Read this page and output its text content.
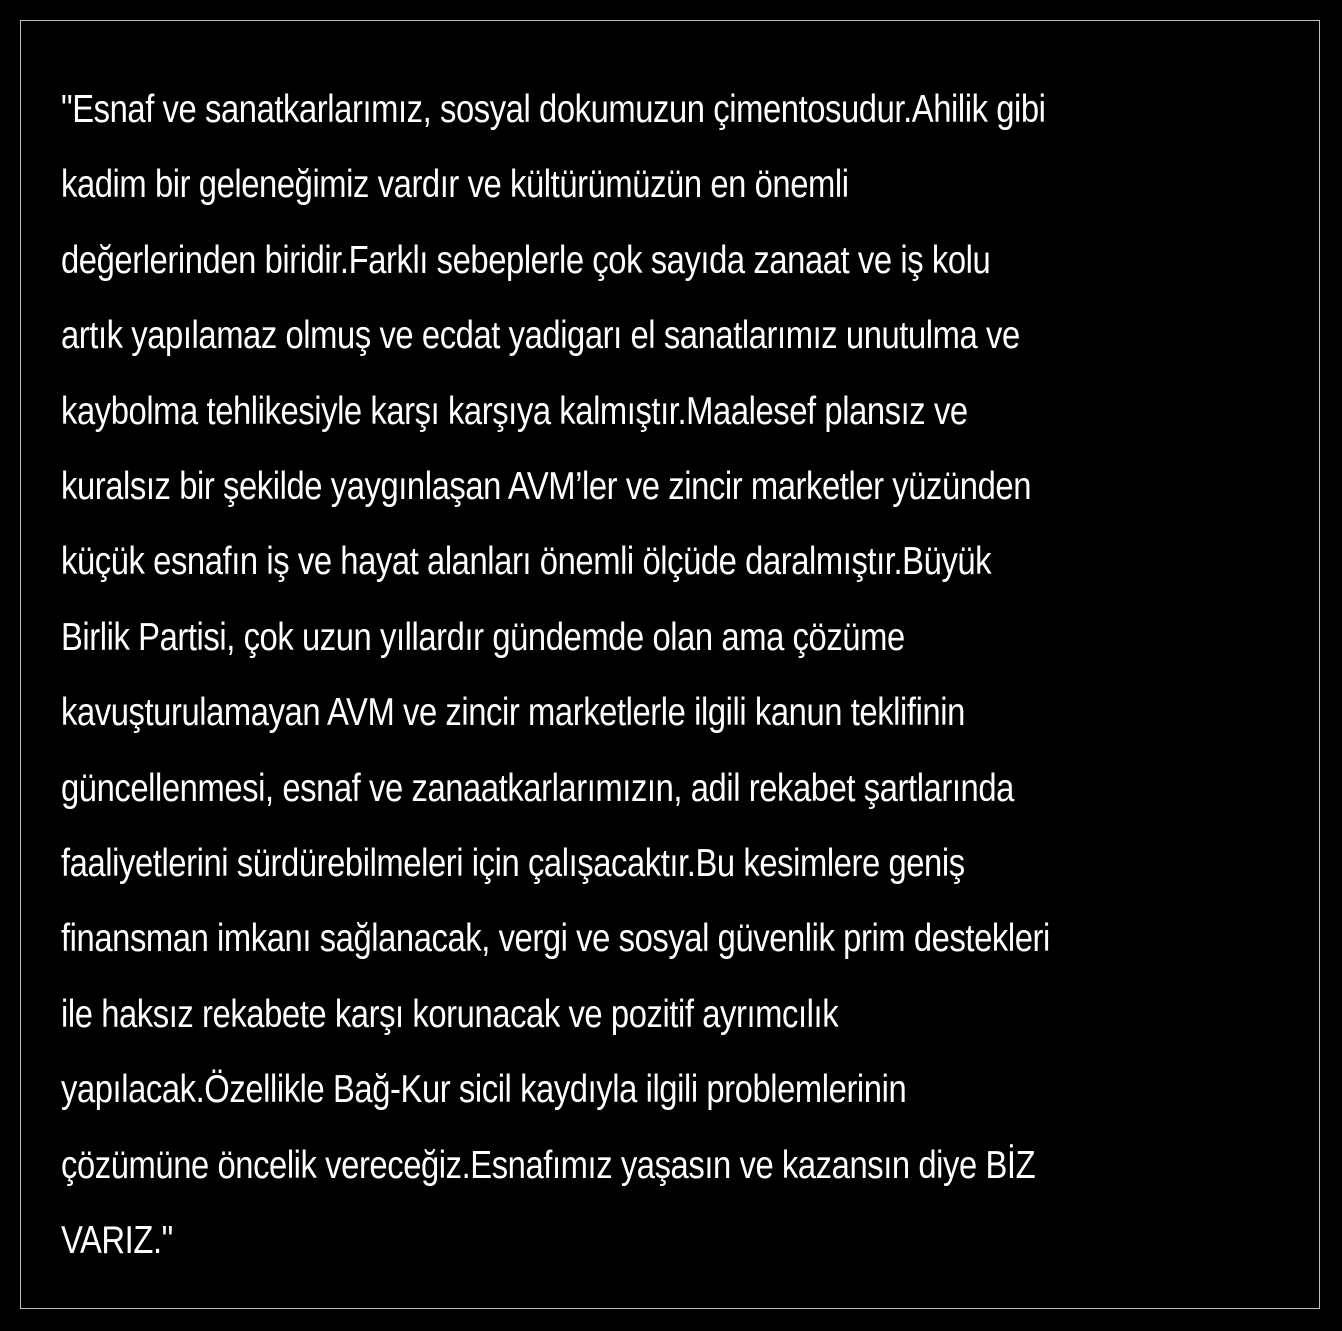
"Esnaf ve sanatkarlarımız, sosyal dokumuzun çimentosudur.Ahilik gibi
kadim bir geleneğimiz vardır ve kültürümüzün en önemli
değerlerinden biridir.Farklı sebeplerle çok sayıda zanaat ve iş kolu
artık yapılamaz olmuş ve ecdat yadigarı el sanatlarımız unutulma ve
kaybolma tehlikesiyle karşı karşıya kalmıştır.Maalesef plansız ve
kuralsız bir şekilde yaygınlaşan AVM’ler ve zincir marketler yüzünden
küçük esnafın iş ve hayat alanları önemli ölçüde daralmıştır.Büyük
Birlik Partisi, çok uzun yıllardır gündemde olan ama çözüme
kavuşturulamayan AVM ve zincir marketlerle ilgili kanun teklifinin
güncellenmesi, esnaf ve zanaatkarlarımızın, adil rekabet şartlarında
faaliyetlerini sürdürebilmeleri için çalışacaktır.Bu kesimlere geniş
finansman imkanı sağlanacak, vergi ve sosyal güvenlik prim destekleri
ile haksız rekabete karşı korunacak ve pozitif ayrımcılık
yapılacak.Özellikle Bağ-Kur sicil kaydıyla ilgili problemlerinin
çözümüne öncelik vereceğiz.Esnafımız yaşasın ve kazansın diye BİZ
VARIZ."
